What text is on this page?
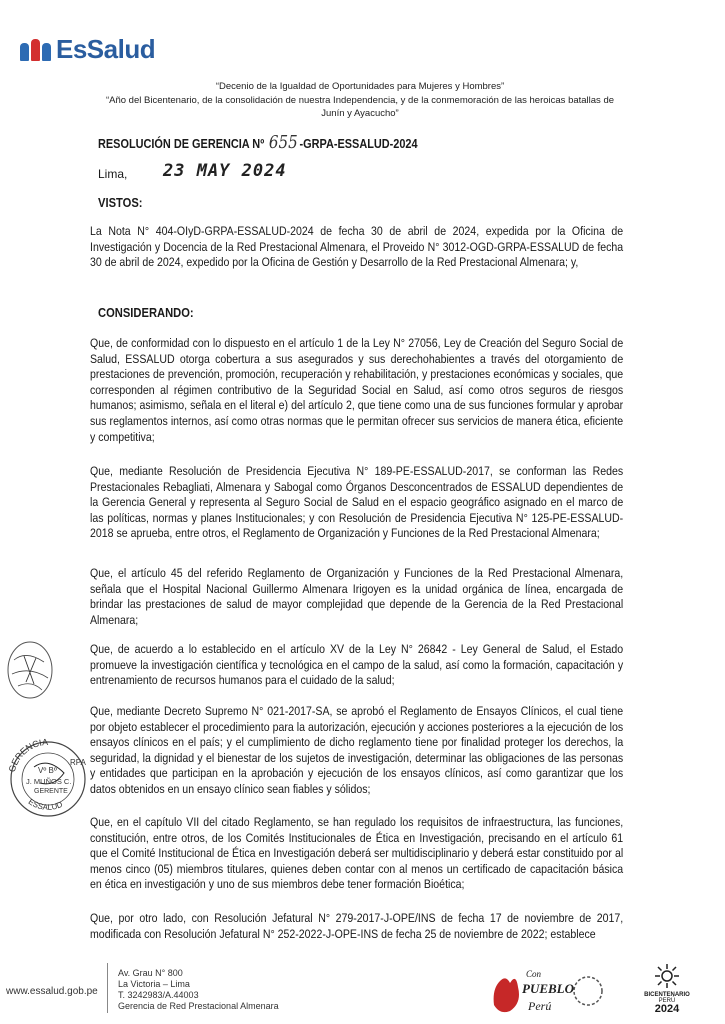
EsSalud
“Decenio de la Igualdad de Oportunidades para Mujeres y Hombres”
“Año del Bicentenario, de la consolidación de nuestra Independencia, y de la conmemoración de las heroicas batallas de Junín y Ayacucho”
RESOLUCIÓN DE GERENCIA Nº 655 -GRPA-ESSALUD-2024
Lima, 23 MAY 2024
VISTOS:
La Nota N° 404-OIyD-GRPA-ESSALUD-2024 de fecha 30 de abril de 2024, expedida por la Oficina de Investigación y Docencia de la Red Prestacional Almenara, el Proveido N° 3012-OGD-GRPA-ESSALUD de fecha 30 de abril de 2024, expedido por la Oficina de Gestión y Desarrollo de la Red Prestacional Almenara; y,
CONSIDERANDO:
Que, de conformidad con lo dispuesto en el artículo 1 de la Ley N° 27056, Ley de Creación del Seguro Social de Salud, ESSALUD otorga cobertura a sus asegurados y sus derechohabientes a través del otorgamiento de prestaciones de prevención, promoción, recuperación y rehabilitación, y prestaciones económicas y sociales, que corresponden al régimen contributivo de la Seguridad Social en Salud, así como otros seguros de riesgos humanos; asimismo, señala en el literal e) del artículo 2, que tiene como una de sus funciones formular y aprobar sus reglamentos internos, así como otras normas que le permitan ofrecer sus servicios de manera ética, eficiente y competitiva;
Que, mediante Resolución de Presidencia Ejecutiva N° 189-PE-ESSALUD-2017, se conforman las Redes Prestacionales Rebagliati, Almenara y Sabogal como Órganos Desconcentrados de ESSALUD dependientes de la Gerencia General y representa al Seguro Social de Salud en el espacio geográfico asignado en el marco de las políticas, normas y planes Institucionales; y con Resolución de Presidencia Ejecutiva N° 125-PE-ESSALUD-2018 se aprueba, entre otros, el Reglamento de Organización y Funciones de la Red Prestacional Almenara;
Que, el artículo 45 del referido Reglamento de Organización y Funciones de la Red Prestacional Almenara, señala que el Hospital Nacional Guillermo Almenara Irigoyen es la unidad orgánica de línea, encargada de brindar las prestaciones de salud de mayor complejidad que depende de la Gerencia de la Red Prestacional Almenara;
Que, de acuerdo a lo establecido en el artículo XV de la Ley N° 26842 - Ley General de Salud, el Estado promueve la investigación científica y tecnológica en el campo de la salud, así como la formación, capacitación y entrenamiento de recursos humanos para el cuidado de la salud;
Que, mediante Decreto Supremo N° 021-2017-SA, se aprobó el Reglamento de Ensayos Clínicos, el cual tiene por objeto establecer el procedimiento para la autorización, ejecución y acciones posteriores a la ejecución de los ensayos clínicos en el país; y el cumplimiento de dicho reglamento tiene por finalidad proteger los derechos, la seguridad, la dignidad y el bienestar de los sujetos de investigación, determinar las obligaciones de las personas y entidades que participan en la aprobación y ejecución de los ensayos clínicos, así como garantizar que los datos obtenidos en un ensayo clínico sean fiables y sólidos;
Que, en el capítulo VII del citado Reglamento, se han regulado los requisitos de infraestructura, las funciones, constitución, entre otros, de los Comités Institucionales de Ética en Investigación, precisando en el artículo 61 que el Comité Institucional de Ética en Investigación deberá ser multidisciplinario y deberá estar constituido por al menos cinco (05) miembros titulares, quienes deben contar con al menos un certificado de capacitación básica en ética en investigación y uno de sus miembros debe tener formación Bioética;
Que, por otro lado, con Resolución Jefatural N° 279-2017-J-OPE/INS de fecha 17 de noviembre de 2017, modificada con Resolución Jefatural N° 252-2022-J-OPE-INS de fecha 25 de noviembre de 2022; establece
GERENCIA
RPA
Vº Bº
J. MUÑOS C.
GERENTE
ESSALUD
www.essalud.gob.pe
Av. Grau N° 800
La Victoria – Lima
T. 3242983/A.44003
Gerencia de Red Prestacional Almenara
Con
PUEBLO
Perú
BICENTENARIO
PERÚ
2024
